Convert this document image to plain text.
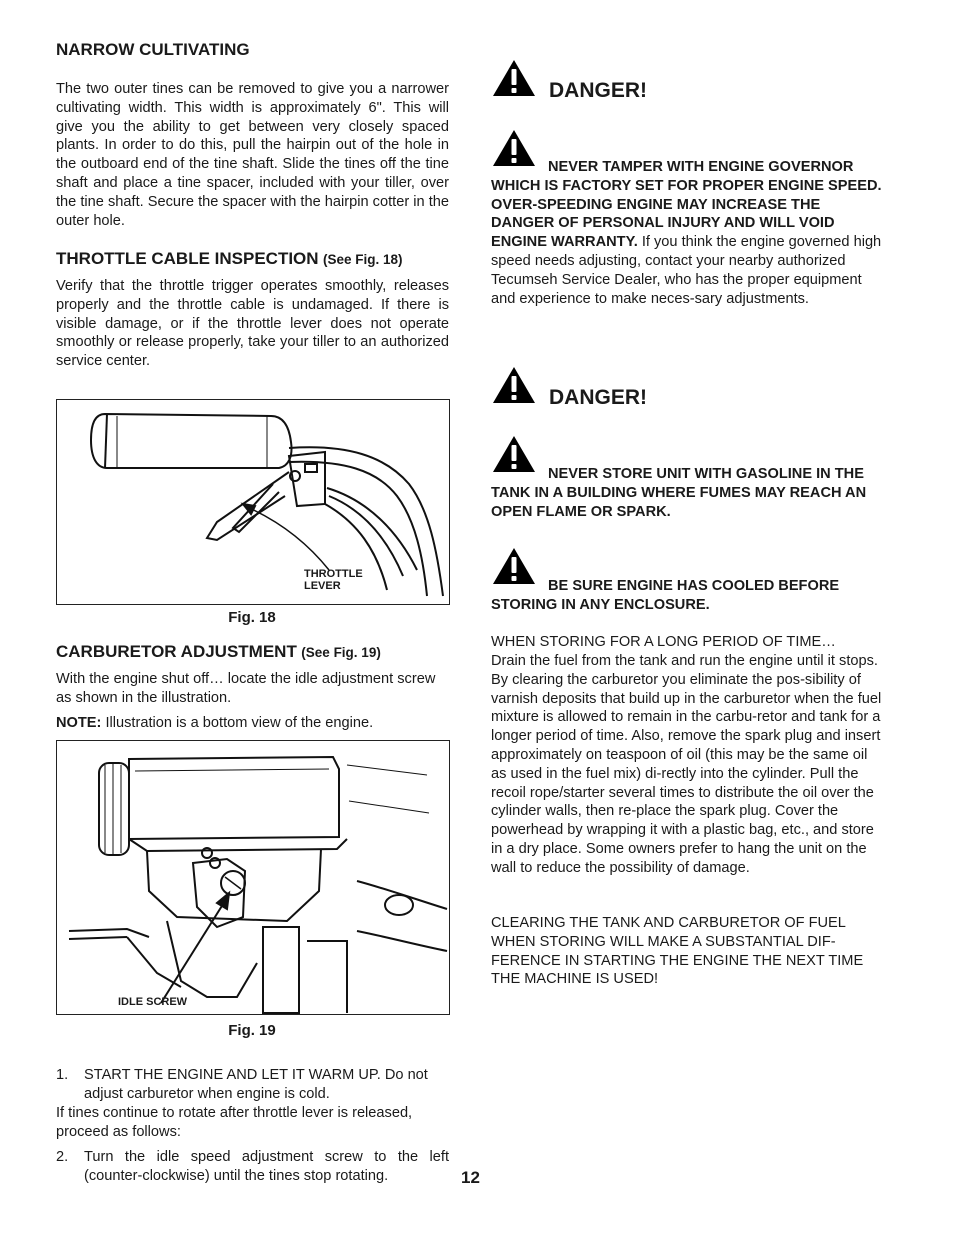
NARROW CULTIVATING
The two outer tines can be removed to give you a narrower cultivating width. This width is approximately 6". This will give you the ability to get between very closely spaced plants. In order to do this, pull the hairpin out of the hole in the outboard end of the tine shaft. Slide the tines off the tine shaft and place a tine spacer, included with your tiller, over the tine shaft. Secure the spacer with the hairpin cotter in the outer hole.
THROTTLE CABLE INSPECTION (See Fig. 18)
Verify that the throttle trigger operates smoothly, releases properly and the throttle cable is undamaged. If there is visible damage, or if the throttle lever does not operate smoothly or release properly, take your tiller to an authorized service center.
THROTTLE
LEVER
Fig. 18
CARBURETOR ADJUSTMENT (See Fig. 19)
With the engine shut off… locate the idle adjustment screw as shown in the illustration.
NOTE: Illustration is a bottom view of the engine.
IDLE SCREW
Fig. 19
1.	START THE ENGINE AND LET IT WARM UP. Do not adjust carburetor when engine is cold.
If tines continue to rotate after throttle lever is released, proceed as follows:
2.	Turn the idle speed adjustment screw to the left (counter-clockwise) until the tines stop rotating.	12
DANGER!
NEVER TAMPER WITH ENGINE GOVERNOR WHICH IS FACTORY SET FOR PROPER ENGINE SPEED. OVER-SPEEDING ENGINE MAY INCREASE THE DANGER OF PERSONAL INJURY AND WILL VOID ENGINE WARRANTY. If you think the engine governed high speed needs adjusting, contact your nearby authorized Tecumseh Service Dealer, who has the proper equipment and experience to make neces-sary adjustments.
DANGER!
NEVER STORE UNIT WITH GASOLINE IN THE TANK IN A BUILDING WHERE FUMES MAY REACH AN OPEN FLAME OR SPARK.
BE SURE ENGINE HAS COOLED BEFORE STORING IN ANY ENCLOSURE.
WHEN STORING FOR A LONG PERIOD OF TIME…
Drain the fuel from the tank and run the engine until it stops. By clearing the carburetor you eliminate the pos-sibility of varnish deposits that build up in the carburetor when the fuel mixture is allowed to remain in the carbu-retor and tank for a longer period of time. Also, remove the spark plug and insert approximately on teaspoon of oil (this may be the same oil as used in the fuel mix) di-rectly into the cylinder. Pull the recoil rope/starter several times to distribute the oil over the cylinder walls, then re-place the spark plug. Cover the powerhead by wrapping it with a plastic bag, etc., and store in a dry place. Some owners prefer to hang the unit on the wall to reduce the possibility of damage.
CLEARING THE TANK AND CARBURETOR OF FUEL WHEN STORING WILL MAKE A SUBSTANTIAL DIF-FERENCE IN STARTING THE ENGINE THE NEXT TIME THE MACHINE IS USED!
